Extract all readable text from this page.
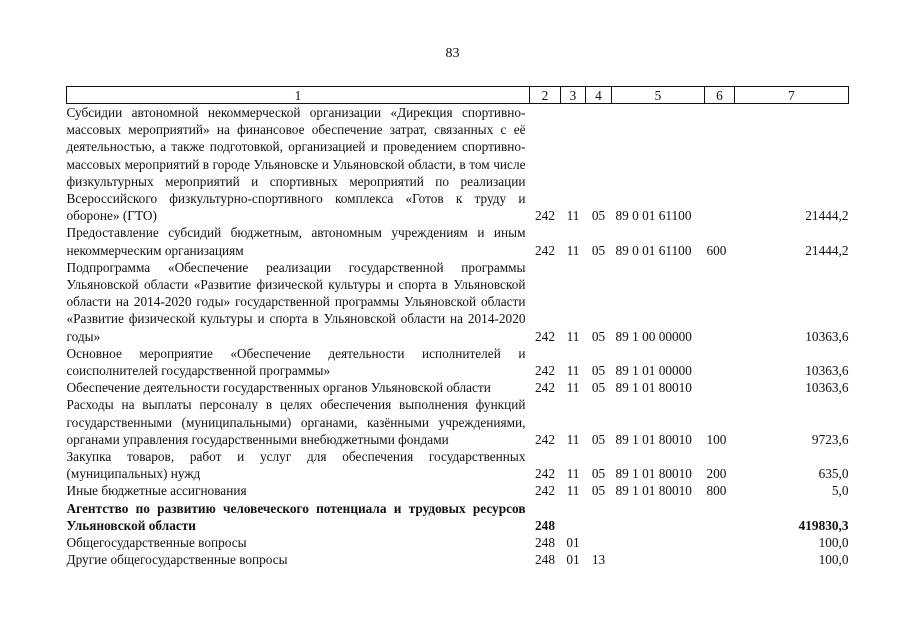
83
1	2	3	4	5	6	7
Субсидии автономной некоммерческой организации «Дирекция спортивно-массовых мероприятий» на финансовое обеспечение затрат, связанных с её деятельностью, а также подготовкой, организацией и проведением спортивно-массовых мероприятий в городе Ульяновске и Ульяновской области, в том числе физкультурных мероприятий и спортивных мероприятий по реализации Всероссийского физкультурно-спортивного комплекса «Готов к труду и обороне» (ГТО)	242	11	05	89 0 01 61100		21444,2
Предоставление субсидий бюджетным, автономным учреждениям и иным некоммерческим организациям	242	11	05	89 0 01 61100	600	21444,2
Подпрограмма «Обеспечение реализации государственной программы Ульяновской области «Развитие физической культуры и спорта в Ульяновской области на 2014-2020 годы» государственной программы Ульяновской области «Развитие физической культуры и спорта в Ульяновской области на 2014-2020 годы»	242	11	05	89 1 00 00000		10363,6
Основное мероприятие «Обеспечение деятельности исполнителей и соисполнителей государственной программы»	242	11	05	89 1 01 00000		10363,6
Обеспечение деятельности государственных органов Ульяновской области	242	11	05	89 1 01 80010		10363,6
Расходы на выплаты персоналу в целях обеспечения выполнения функций государственными (муниципальными) органами, казёнными учреждениями, органами управления государственными внебюджетными фондами	242	11	05	89 1 01 80010	100	9723,6
Закупка товаров, работ и услуг для обеспечения государственных (муниципальных) нужд	242	11	05	89 1 01 80010	200	635,0
Иные бюджетные ассигнования	242	11	05	89 1 01 80010	800	5,0
Агентство по развитию человеческого потенциала и трудовых ресурсов Ульяновской области	248					419830,3
Общегосударственные вопросы	248	01				100,0
Другие общегосударственные вопросы	248	01	13			100,0
